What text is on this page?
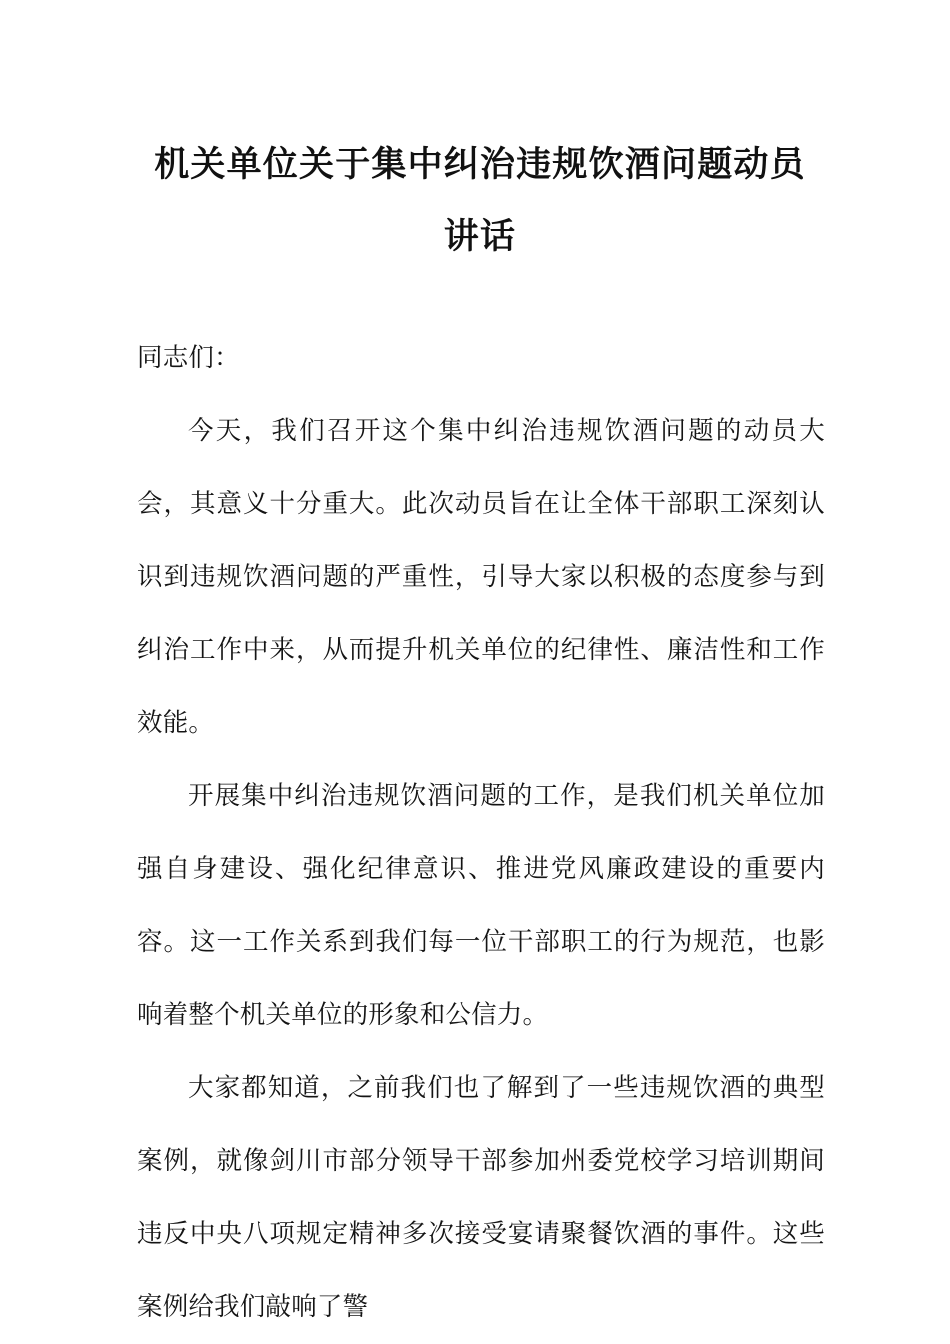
机关单位关于集中纠治违规饮酒问题动员
讲话

同志们：

今天，我们召开这个集中纠治违规饮酒问题的动员大会，其意义十分重大。此次动员旨在让全体干部职工深刻认识到违规饮酒问题的严重性，引导大家以积极的态度参与到纠治工作中来，从而提升机关单位的纪律性、廉洁性和工作效能。

开展集中纠治违规饮酒问题的工作，是我们机关单位加强自身建设、强化纪律意识、推进党风廉政建设的重要内容。这一工作关系到我们每一位干部职工的行为规范，也影响着整个机关单位的形象和公信力。

大家都知道，之前我们也了解到了一些违规饮酒的典型案例，就像剑川市部分领导干部参加州委党校学习培训期间违反中央八项规定精神多次接受宴请聚餐饮酒的事件。这些案例给我们敲响了警
